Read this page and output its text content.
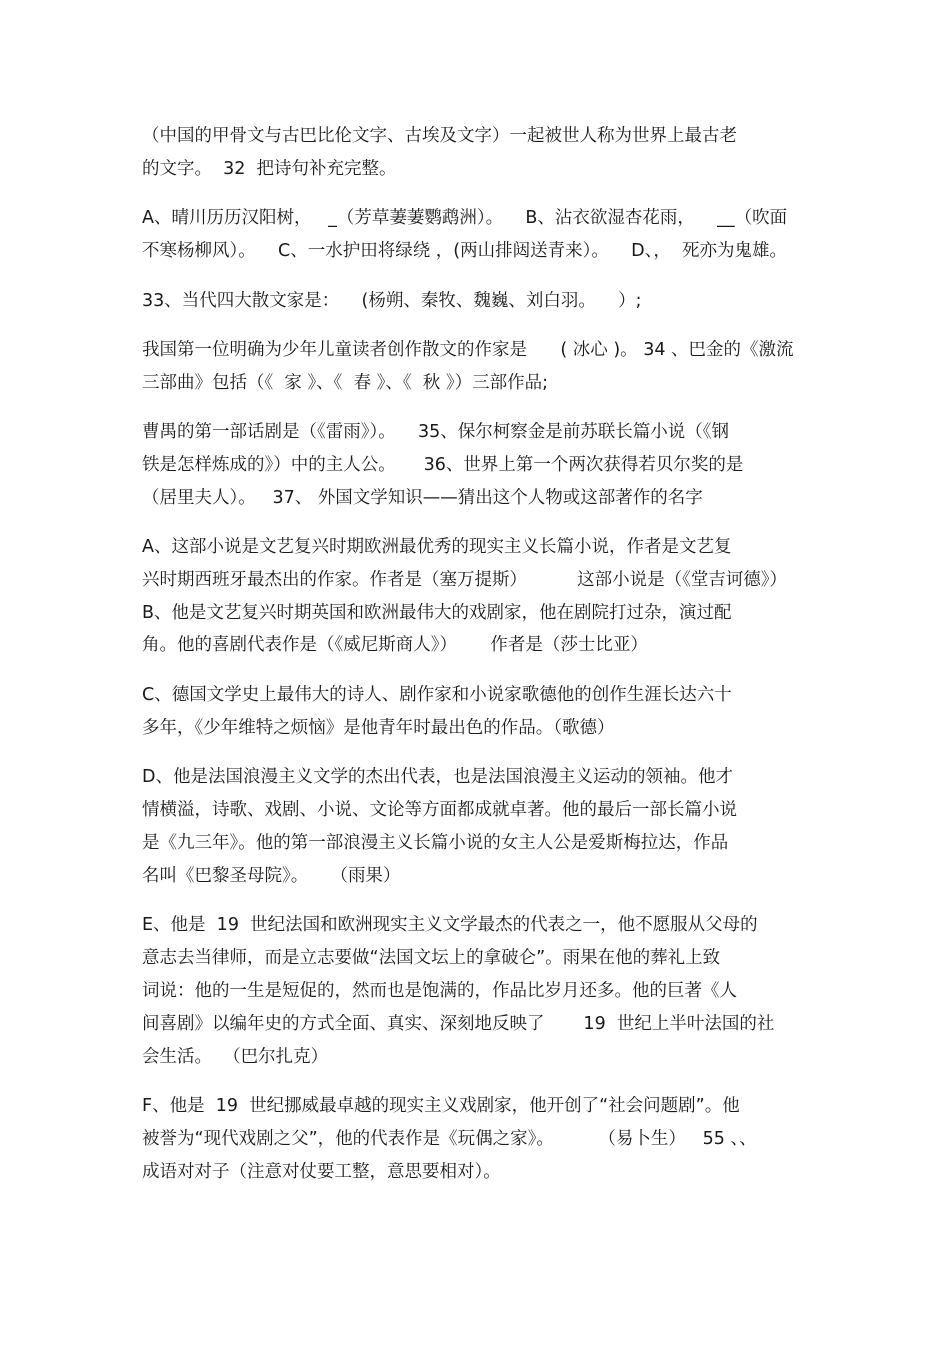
（中国的甲骨文与古巴比伦文字、古埃及文字）一起被世人称为世界上最古老
的文字。  32  把诗句补充完整。
A、晴川历历汉阳树，   _（芳草萋萋鹦鹉洲）。    B、沾衣欲湿杏花雨，    __（吹面
不寒杨柳风）。    C、一水护田将绿绕 ，(两山排闼送青来）。    D、，  死亦为鬼雄。
33、当代四大散文家是：    (杨朔、秦牧、魏巍、刘白羽。    ）;
我国第一位明确为少年儿童读者创作散文的作家是      ( 冰心 )。 34 、巴金的《激流
三部曲》包括（《  家 》、《  春 》、《  秋 》）三部作品;
曹禺的第一部话剧是（《雷雨》）。    35、保尔柯察金是前苏联长篇小说（《钢
铁是怎样炼成的》）中的主人公。     36、世界上第一个两次获得若贝尔奖的是
（居里夫人）。   37、 外国文学知识——猜出这个人物或这部著作的名字
A、这部小说是文艺复兴时期欧洲最优秀的现实主义长篇小说，作者是文艺复
兴时期西班牙最杰出的作家。作者是（塞万提斯）         这部小说是（《堂吉诃德》）
B、他是文艺复兴时期英国和欧洲最伟大的戏剧家，他在剧院打过杂，演过配
角。他的喜剧代表作是（《威尼斯商人》）      作者是（莎士比亚）
C、德国文学史上最伟大的诗人、剧作家和小说家歌德他的创作生涯长达六十
多年，《少年维特之烦恼》是他青年时最出色的作品。（歌德）
D、他是法国浪漫主义文学的杰出代表，也是法国浪漫主义运动的领袖。他才
情横溢，诗歌、戏剧、小说、文论等方面都成就卓著。他的最后一部长篇小说
是《九三年》。他的第一部浪漫主义长篇小说的女主人公是爱斯梅拉达，作品
名叫《巴黎圣母院》。    （雨果）
E、他是  19  世纪法国和欧洲现实主义文学最杰的代表之一，他不愿服从父母的
意志去当律师，而是立志要做“法国文坛上的拿破仑”。雨果在他的葬礼上致
词说：他的一生是短促的，然而也是饱满的，作品比岁月还多。他的巨著《人
间喜剧》以编年史的方式全面、真实、深刻地反映了       19  世纪上半叶法国的社
会生活。  （巴尔扎克）
F、他是  19  世纪挪威最卓越的现实主义戏剧家，他开创了“社会问题剧”。他
被誉为“现代戏剧之父”，他的代表作是《玩偶之家》。        （易卜生）   55 、、
成语对对子（注意对仗要工整，意思要相对）。
